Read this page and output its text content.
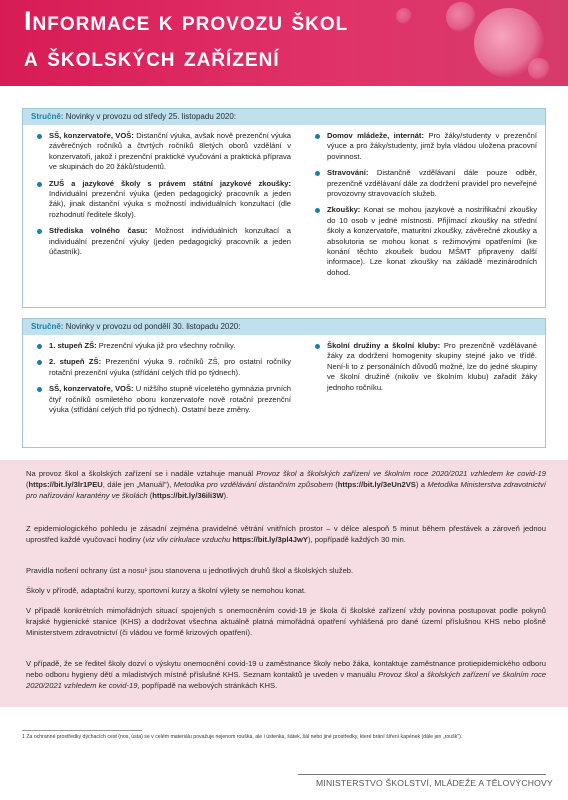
Informace k provozu škol
a školských zařízení
Stručně: Novinky v provozu od středy 25. listopadu 2020:
SŠ, konzervatoře, VOŠ: Distanční výuka, avšak nově prezenční výuka závěrečných ročníků a čtvrtých ročníků 8letých oborů vzdělání v konzervatoři, jakož i prezenční praktické vyučování a praktická příprava ve skupinách do 20 žáků/studentů.
ZUŠ a jazykové školy s právem státní jazykové zkoušky: Individuální prezenční výuka (jeden pedagogický pracovník a jeden žák), jinak distanční výuka s možností individuálních konzultací (dle rozhodnutí ředitele školy).
Střediska volného času: Možnost individuálních konzultací a individuální prezenční výuky (jeden pedagogický pracovník a jeden účastník).
Domov mládeže, internát: Pro žáky/studenty v prezenční výuce a pro žáky/studenty, jimž byla vládou uložena pracovní povinnost.
Stravování: Distančně vzdělávaní dále pouze odběr, prezenčně vzdělávaní dále za dodržení pravidel pro neveřejné provozovny stravovacích služeb.
Zkoušky: Konat se mohou jazykové a nostrifikační zkoušky do 10 osob v jedné místnosti. Přijímací zkoušky na střední školy a konzervatoře, maturitní zkoušky, závěrečné zkoušky a absolutoria se mohou konat s režimovými opatřeními (ke konání těchto zkoušek budou MŠMT připraveny další informace). Lze konat zkoušky na základě mezinárodních dohod.
Stručně: Novinky v provozu od pondělí 30. listopadu 2020:
1. stupeň ZŠ: Prezenční výuka již pro všechny ročníky.
2. stupeň ZŠ: Prezenční výuka 9. ročníků ZŠ, pro ostatní ročníky rotační prezenční výuka (střídání celých tříd po týdnech).
SŠ, konzervatoře, VOŠ: U nižšího stupně víceletého gymnázia prvních čtyř ročníků osmiletého oboru konzervatoře nově rotační prezenční výuka (střídání celých tříd po týdnech). Ostatní beze změny.
Školní družiny a školní kluby: Pro prezenčně vzdělávané žáky za dodržení homogenity skupiny stejné jako ve třídě. Není-li to z personálních důvodů možné, lze do jedné skupiny ve školní družině (nikoliv ve školním klubu) zařadit žáky jednoho ročníku.
Na provoz škol a školských zařízení se i nadále vztahuje manuál Provoz škol a školských zařízení ve školním roce 2020/2021 vzhledem ke covid-19 (https://bit.ly/3lr1PEU, dále jen „Manuál"), Metodika pro vzdělávání distančním způsobem (https://bit.ly/3eUn2VS) a Metodika Ministerstva zdravotnictví pro nařizování karantény ve školách (https://bit.ly/36ili3W).
Z epidemiologického pohledu je zásadní zejména pravidelné větrání vnitřních prostor – v délce alespoň 5 minut během přestávek a zároveň jednou uprostřed každé vyučovací hodiny (viz vliv cirkulace vzduchu https://bit.ly/3pl4JwY), popřípadě každých 30 min.
Pravidla nošení ochrany úst a nosu¹ jsou stanovena u jednotlivých druhů škol a školských služeb.
Školy v přírodě, adaptační kurzy, sportovní kurzy a školní výlety se nemohou konat.
V případě konkrétních mimořádných situací spojených s onemocněním covid-19 je škola či školské zařízení vždy povinna postupovat podle pokynů krajské hygienické stanice (KHS) a dodržovat všechna aktuálně platná mimořádná opatření vyhlášená pro dané území příslušnou KHS nebo plošně Ministerstvem zdravotnictví (či vládou ve formě krizových opatření).
V případě, že se ředitel školy dozví o výskytu onemocnění covid-19 u zaměstnance školy nebo žáka, kontaktuje zaměstnance protiepidemického odboru nebo odboru hygieny dětí a mladistvých místně příslušné KHS. Seznam kontaktů je uveden v manuálu Provoz škol a školských zařízení ve školním roce 2020/2021 vzhledem ke covid-19, popřípadě na webových stránkách KHS.
1 Za ochranné prostředky dýchacích cest (nos, ústa) se v celém materiálu považuje nejenom rouška, ale i ústenka, šátek, šál nebo jiné prostředky, které brání šíření kapének (dále jen „roušk").
MINISTERSTVO ŠKOLSTVÍ, MLÁDEŽE A TĚLOVÝCHOVY
